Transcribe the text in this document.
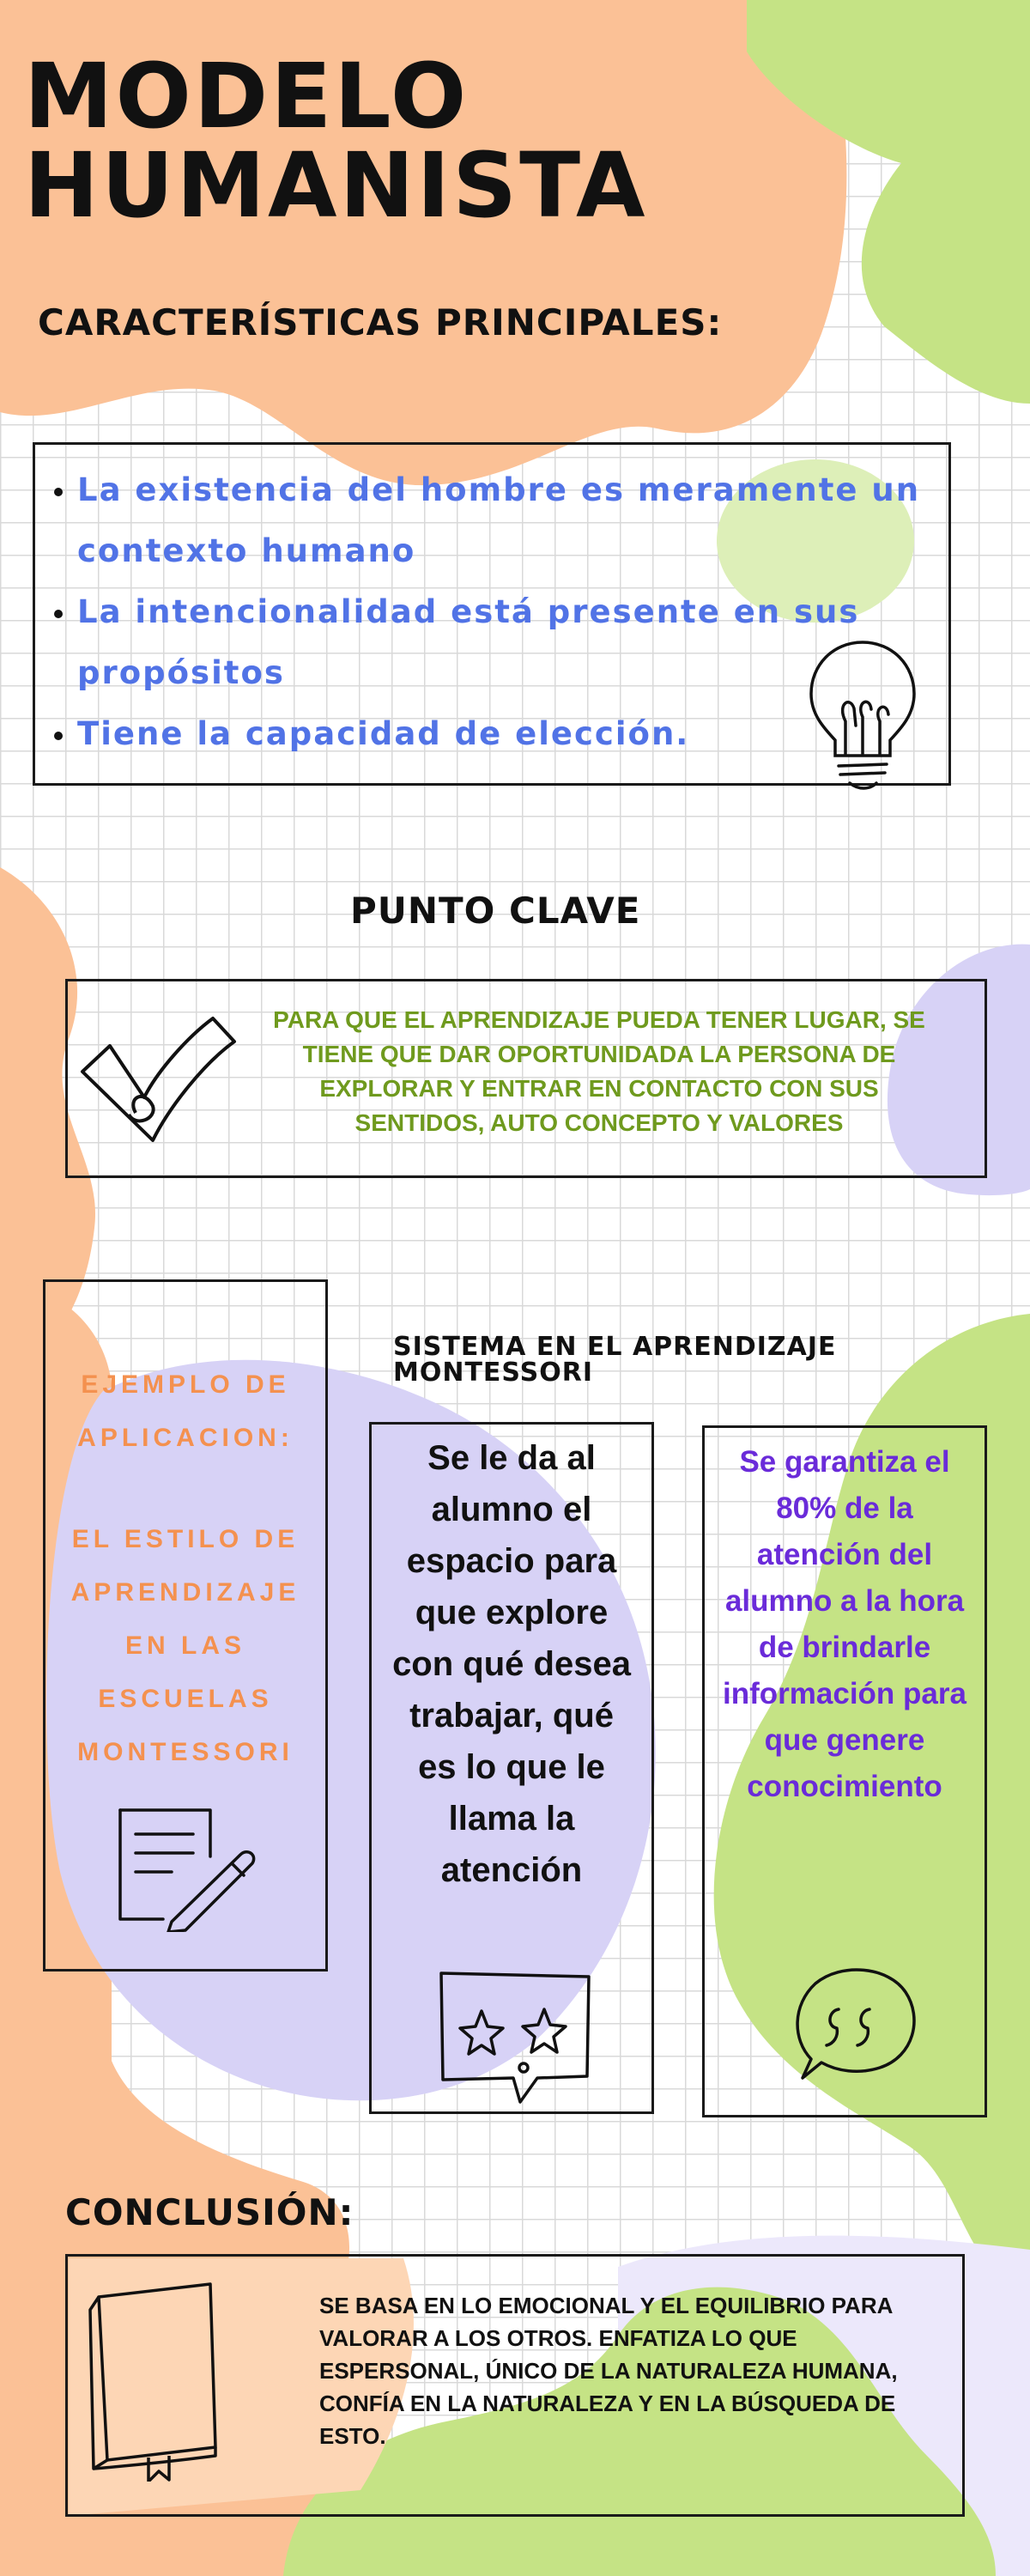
MODELO HUMANISTA
CARACTERÍSTICAS PRINCIPALES:
• La existencia del hombre es meramente un contexto humano
• La intencionalidad está presente en sus propósitos
• Tiene la capacidad de elección.
PUNTO CLAVE
PARA QUE EL APRENDIZAJE PUEDA TENER LUGAR, SE TIENE QUE DAR OPORTUNIDADA LA PERSONA DE EXPLORAR Y ENTRAR EN CONTACTO CON SUS SENTIDOS, AUTO CONCEPTO Y VALORES
EJEMPLO DE APLICACION:
EL ESTILO DE APRENDIZAJE EN LAS ESCUELAS MONTESSORI
SISTEMA EN EL APRENDIZAJE MONTESSORI
Se le da al alumno el espacio para que explore con qué desea trabajar, qué es lo que le llama la atención
Se garantiza el 80% de la atención del alumno a la hora de brindarle información para que genere conocimiento
CONCLUSIÓN:
SE BASA EN LO EMOCIONAL Y EL EQUILIBRIO PARA VALORAR A LOS OTROS. ENFATIZA LO QUE ESPERSONAL, ÚNICO DE LA NATURALEZA HUMANA, CONFÍA EN LA NATURALEZA Y EN LA BÚSQUEDA DE ESTO.
